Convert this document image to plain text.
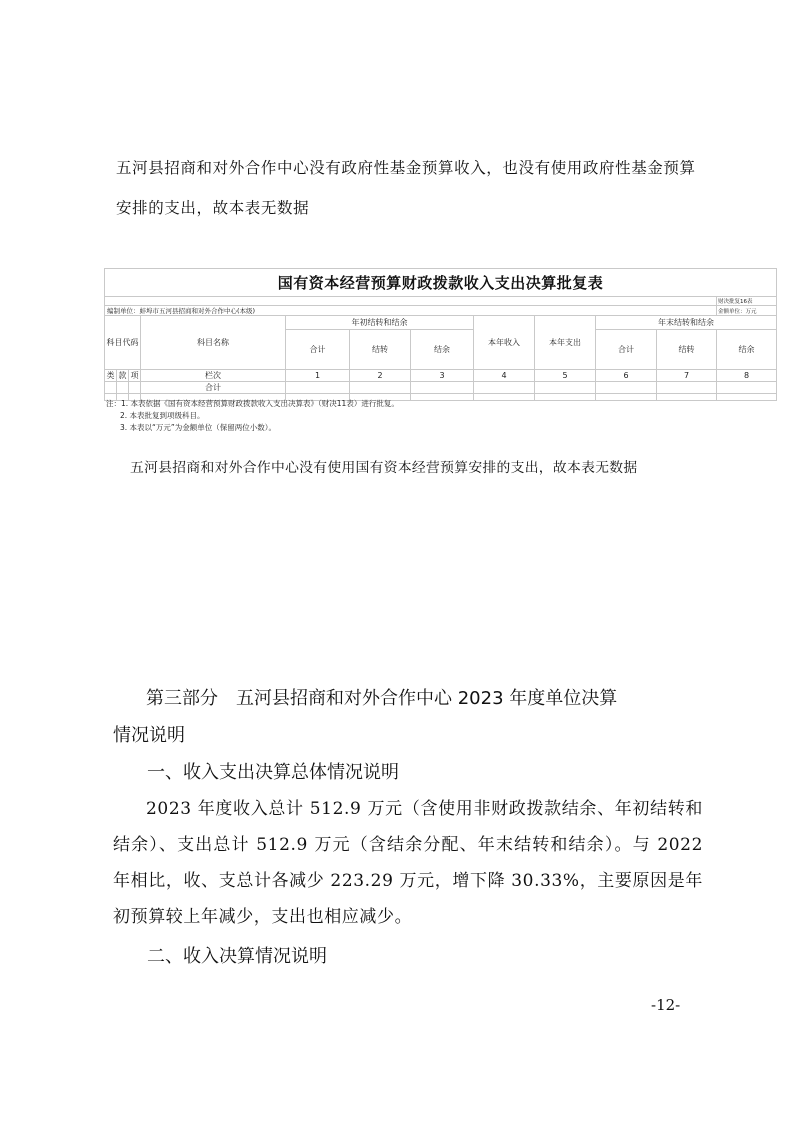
五河县招商和对外合作中心没有政府性基金预算收入，也没有使用政府性基金预算
安排的支出，故本表无数据
国有资本经营预算财政拨款收入支出决算批复表											
											财决批复16表
编制单位：蚌埠市五河县招商和对外合作中心(本级)											金额单位：万元
科目代码			科目名称	年初结转和结余			本年收入	本年支出	年末结转和结余		
				合计	结转	结余			合计	结转	结余
类	款	项	栏次	1	2	3	4	5	6	7	8
			合计								

注：1. 本表依据《国有资本经营预算财政拨款收入支出决算表》（财决11表）进行批复。
2. 本表批复到项级科目。
3. 本表以“万元”为金额单位（保留两位小数）。
五河县招商和对外合作中心没有使用国有资本经营预算安排的支出，故本表无数据
第三部分　五河县招商和对外合作中心 2023 年度单位决算
情况说明
一、收入支出决算总体情况说明
2023 年度收入总计 512.9 万元（含使用非财政拨款结余、年初结转和结余）、支出总计 512.9 万元（含结余分配、年末结转和结余）。与 2022 年相比，收、支总计各减少 223.29 万元，增下降 30.33%，主要原因是年初预算较上年减少，支出也相应减少。
二、收入决算情况说明
-12-
